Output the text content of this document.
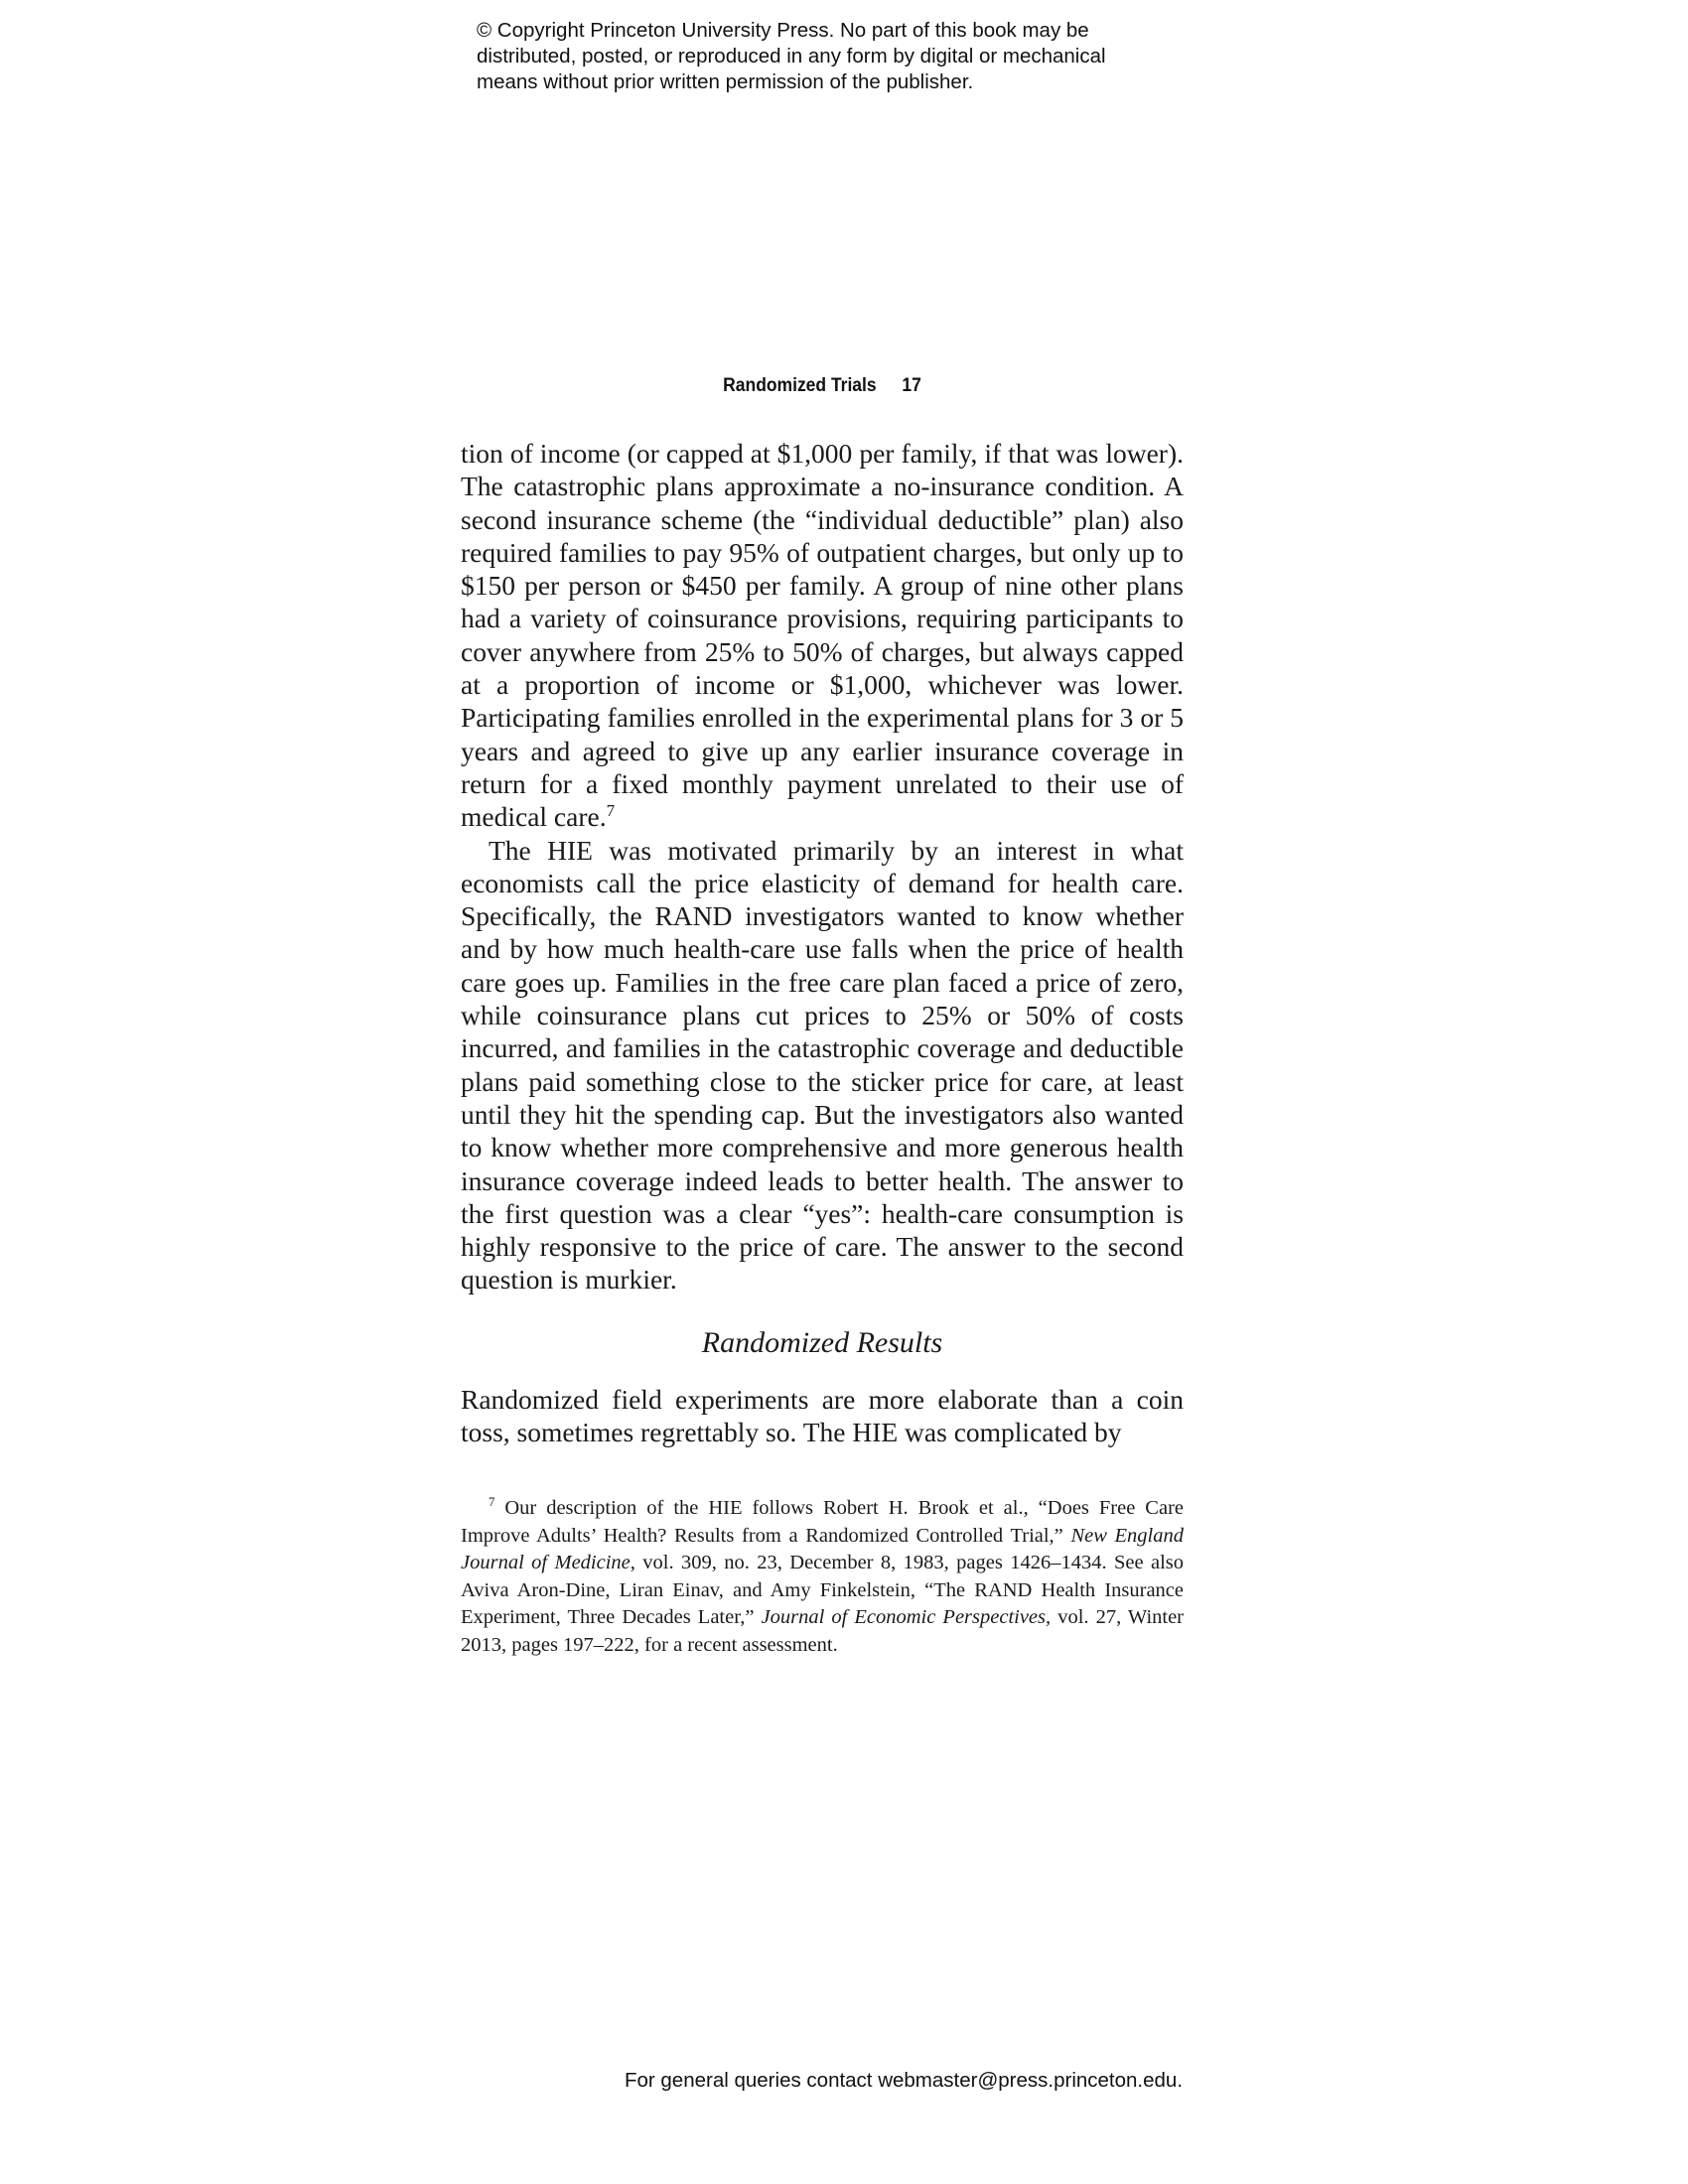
© Copyright Princeton University Press. No part of this book may be
distributed, posted, or reproduced in any form by digital or mechanical
means without prior written permission of the publisher.
Randomized Trials 17

tion of income (or capped at $1,000 per family, if that was lower). The catastrophic plans approximate a no-insurance condition. A second insurance scheme (the “individual deductible” plan) also required families to pay 95% of outpatient charges, but only up to $150 per person or $450 per family. A group of nine other plans had a variety of coinsurance provisions, requiring participants to cover anywhere from 25% to 50% of charges, but always capped at a proportion of income or $1,000, whichever was lower. Participating families enrolled in the experimental plans for 3 or 5 years and agreed to give up any earlier insurance coverage in return for a fixed monthly payment unrelated to their use of medical care.$^7$

The HIE was motivated primarily by an interest in what economists call the price elasticity of demand for health care. Specifically, the RAND investigators wanted to know whether and by how much health-care use falls when the price of health care goes up. Families in the free care plan faced a price of zero, while coinsurance plans cut prices to 25% or 50% of costs incurred, and families in the catastrophic coverage and deductible plans paid something close to the sticker price for care, at least until they hit the spending cap. But the investigators also wanted to know whether more comprehensive and more generous health insurance coverage indeed leads to better health. The answer to the first question was a clear “yes”: health-care consumption is highly responsive to the price of care. The answer to the second question is murkier.

Randomized Results

Randomized field experiments are more elaborate than a coin toss, sometimes regrettably so. The HIE was complicated by

$^7$ Our description of the HIE follows Robert H. Brook et al., “Does Free Care Improve Adults’ Health? Results from a Randomized Controlled Trial,” New England Journal of Medicine, vol. 309, no. 23, December 8, 1983, pages 1426–1434. See also Aviva Aron-Dine, Liran Einav, and Amy Finkelstein, “The RAND Health Insurance Experiment, Three Decades Later,” Journal of Economic Perspectives, vol. 27, Winter 2013, pages 197–222, for a recent assessment.

For general queries contact webmaster@press.princeton.edu.
